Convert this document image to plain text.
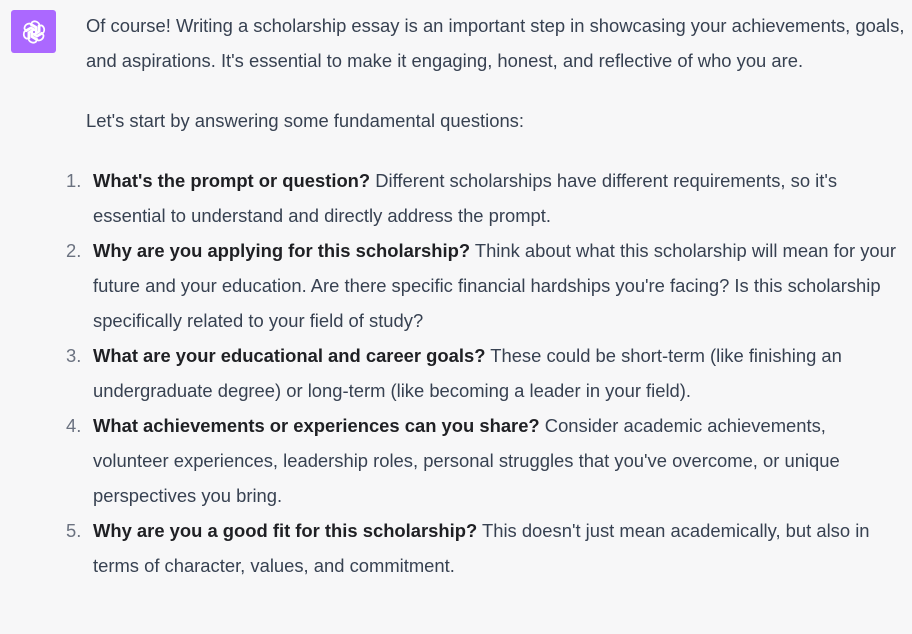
Of course! Writing a scholarship essay is an important step in showcasing your achievements, goals, and aspirations. It's essential to make it engaging, honest, and reflective of who you are.

Let's start by answering some fundamental questions:

1. What's the prompt or question? Different scholarships have different requirements, so it's essential to understand and directly address the prompt.
2. Why are you applying for this scholarship? Think about what this scholarship will mean for your future and your education. Are there specific financial hardships you're facing? Is this scholarship specifically related to your field of study?
3. What are your educational and career goals? These could be short-term (like finishing an undergraduate degree) or long-term (like becoming a leader in your field).
4. What achievements or experiences can you share? Consider academic achievements, volunteer experiences, leadership roles, personal struggles that you've overcome, or unique perspectives you bring.
5. Why are you a good fit for this scholarship? This doesn't just mean academically, but also in terms of character, values, and commitment.
